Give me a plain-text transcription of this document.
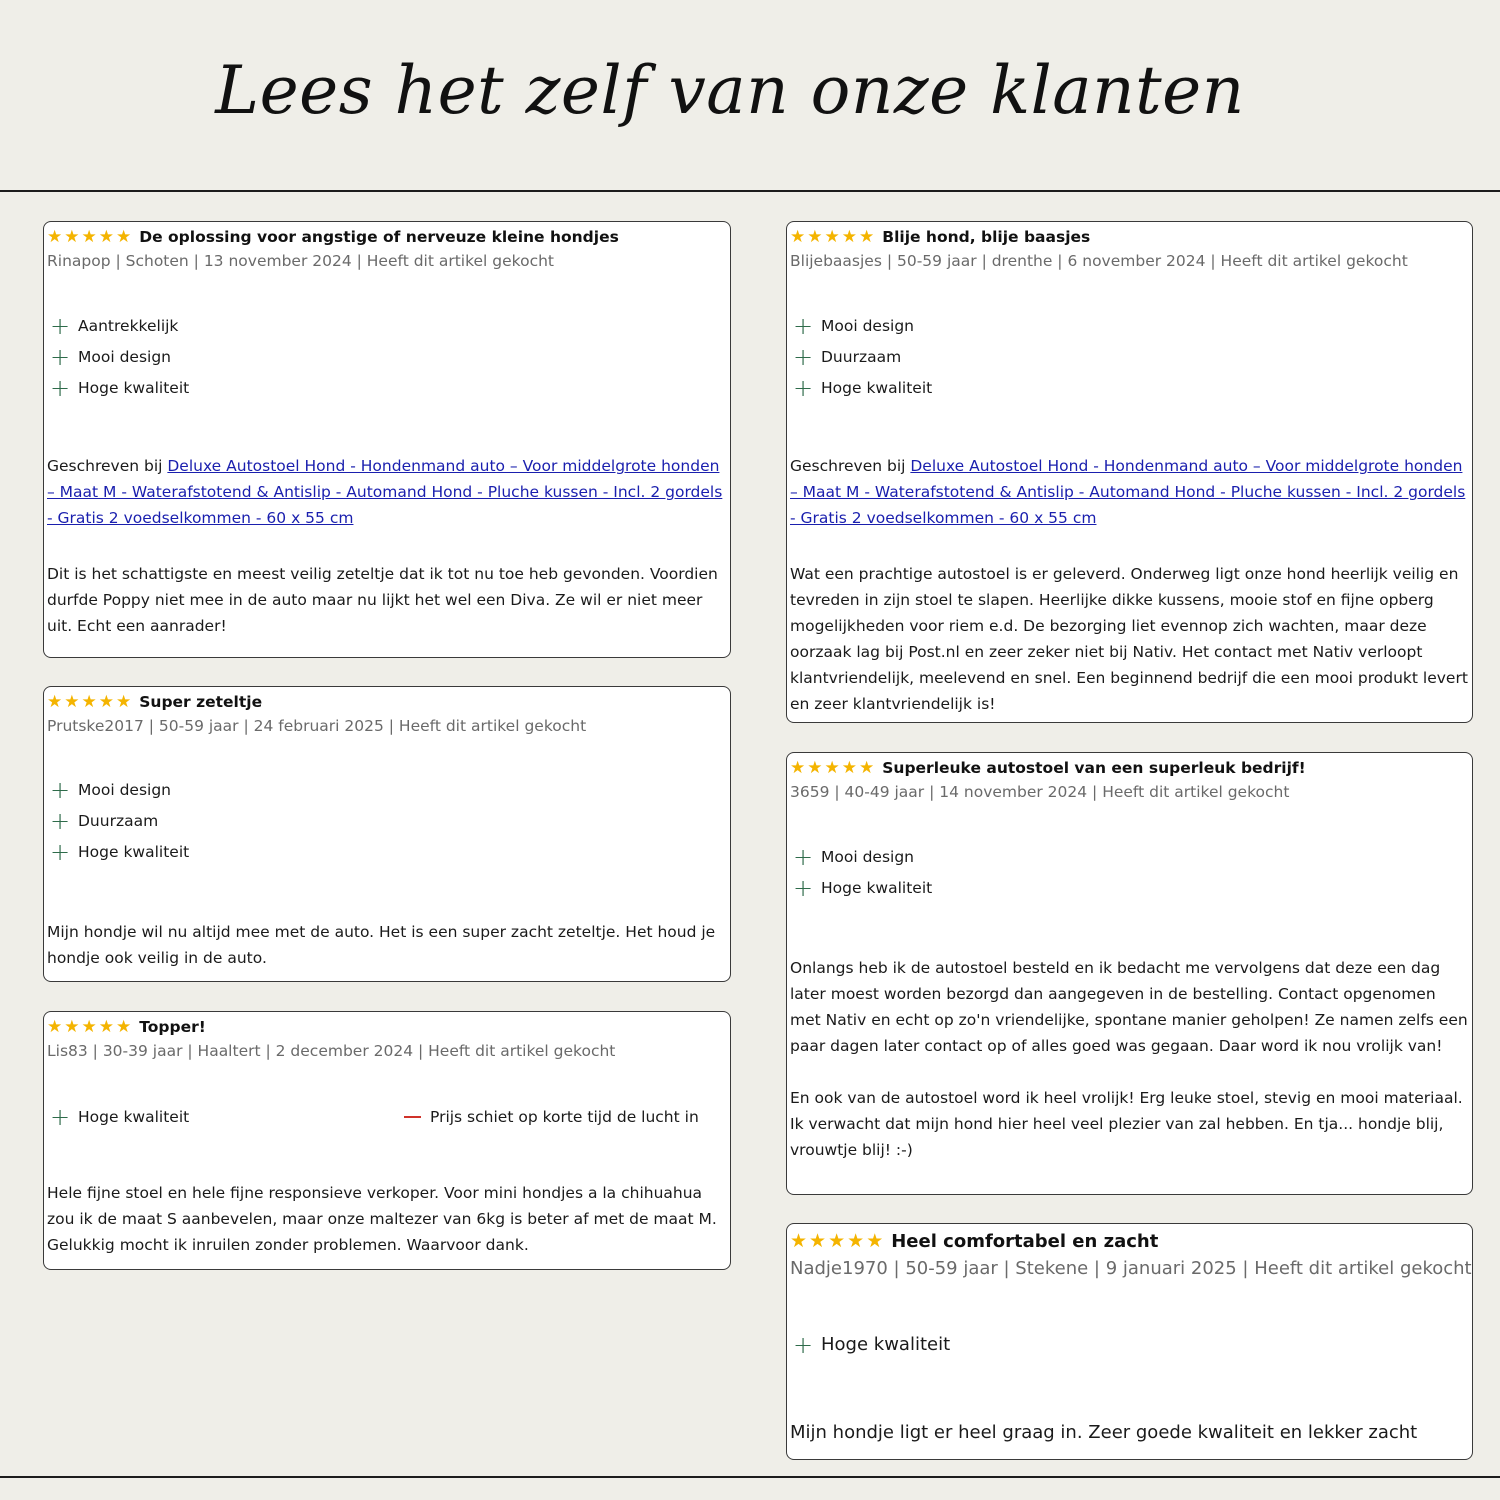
Lees het zelf van onze klanten
★ ★ ★ ★ ★ De oplossing voor angstige of nerveuze kleine hondjes
Rinapop | Schoten | 13 november 2024 | Heeft dit artikel gekocht
+ Aantrekkelijk
+ Mooi design
+ Hoge kwaliteit
Geschreven bij Deluxe Autostoel Hond - Hondenmand auto – Voor middelgrote honden – Maat M - Waterafstotend & Antislip - Automand Hond - Pluche kussen - Incl. 2 gordels - Gratis 2 voedselkommen - 60 x 55 cm
Dit is het schattigste en meest veilig zeteltje dat ik tot nu toe heb gevonden. Voordien durfde Poppy niet mee in de auto maar nu lijkt het wel een Diva. Ze wil er niet meer uit. Echt een aanrader!
★ ★ ★ ★ ★ Super zeteltje
Prutske2017 | 50-59 jaar | 24 februari 2025 | Heeft dit artikel gekocht
+ Mooi design
+ Duurzaam
+ Hoge kwaliteit
Mijn hondje wil nu altijd mee met de auto. Het is een super zacht zeteltje. Het houd je hondje ook veilig in de auto.
★ ★ ★ ★ ★ Topper!
Lis83 | 30-39 jaar | Haaltert | 2 december 2024 | Heeft dit artikel gekocht
+ Hoge kwaliteit	Prijs schiet op korte tijd de lucht in
Hele fijne stoel en hele fijne responsieve verkoper. Voor mini hondjes a la chihuahua zou ik de maat S aanbevelen, maar onze maltezer van 6kg is beter af met de maat M. Gelukkig mocht ik inruilen zonder problemen. Waarvoor dank.
★ ★ ★ ★ ★ Blije hond, blije baasjes
Blijebaasjes | 50-59 jaar | drenthe | 6 november 2024 | Heeft dit artikel gekocht
+ Mooi design
+ Duurzaam
+ Hoge kwaliteit
Geschreven bij Deluxe Autostoel Hond - Hondenmand auto – Voor middelgrote honden – Maat M - Waterafstotend & Antislip - Automand Hond - Pluche kussen - Incl. 2 gordels - Gratis 2 voedselkommen - 60 x 55 cm
Wat een prachtige autostoel is er geleverd. Onderweg ligt onze hond heerlijk veilig en tevreden in zijn stoel te slapen. Heerlijke dikke kussens, mooie stof en fijne opberg mogelijkheden voor riem e.d. De bezorging liet evennop zich wachten, maar deze oorzaak lag bij Post.nl en zeer zeker niet bij Nativ. Het contact met Nativ verloopt klantvriendelijk, meelevend en snel. Een beginnend bedrijf die een mooi produkt levert en zeer klantvriendelijk is!
★ ★ ★ ★ ★ Superleuke autostoel van een superleuk bedrijf!
3659 | 40-49 jaar | 14 november 2024 | Heeft dit artikel gekocht
+ Mooi design
+ Hoge kwaliteit
Onlangs heb ik de autostoel besteld en ik bedacht me vervolgens dat deze een dag later moest worden bezorgd dan aangegeven in de bestelling. Contact opgenomen met Nativ en echt op zo'n vriendelijke, spontane manier geholpen! Ze namen zelfs een paar dagen later contact op of alles goed was gegaan. Daar word ik nou vrolijk van!
En ook van de autostoel word ik heel vrolijk! Erg leuke stoel, stevig en mooi materiaal. Ik verwacht dat mijn hond hier heel veel plezier van zal hebben. En tja... hondje blij, vrouwtje blij! :-)
★ ★ ★ ★ ★ Heel comfortabel en zacht
Nadje1970 | 50-59 jaar | Stekene | 9 januari 2025 | Heeft dit artikel gekocht
+ Hoge kwaliteit
Mijn hondje ligt er heel graag in. Zeer goede kwaliteit en lekker zacht
